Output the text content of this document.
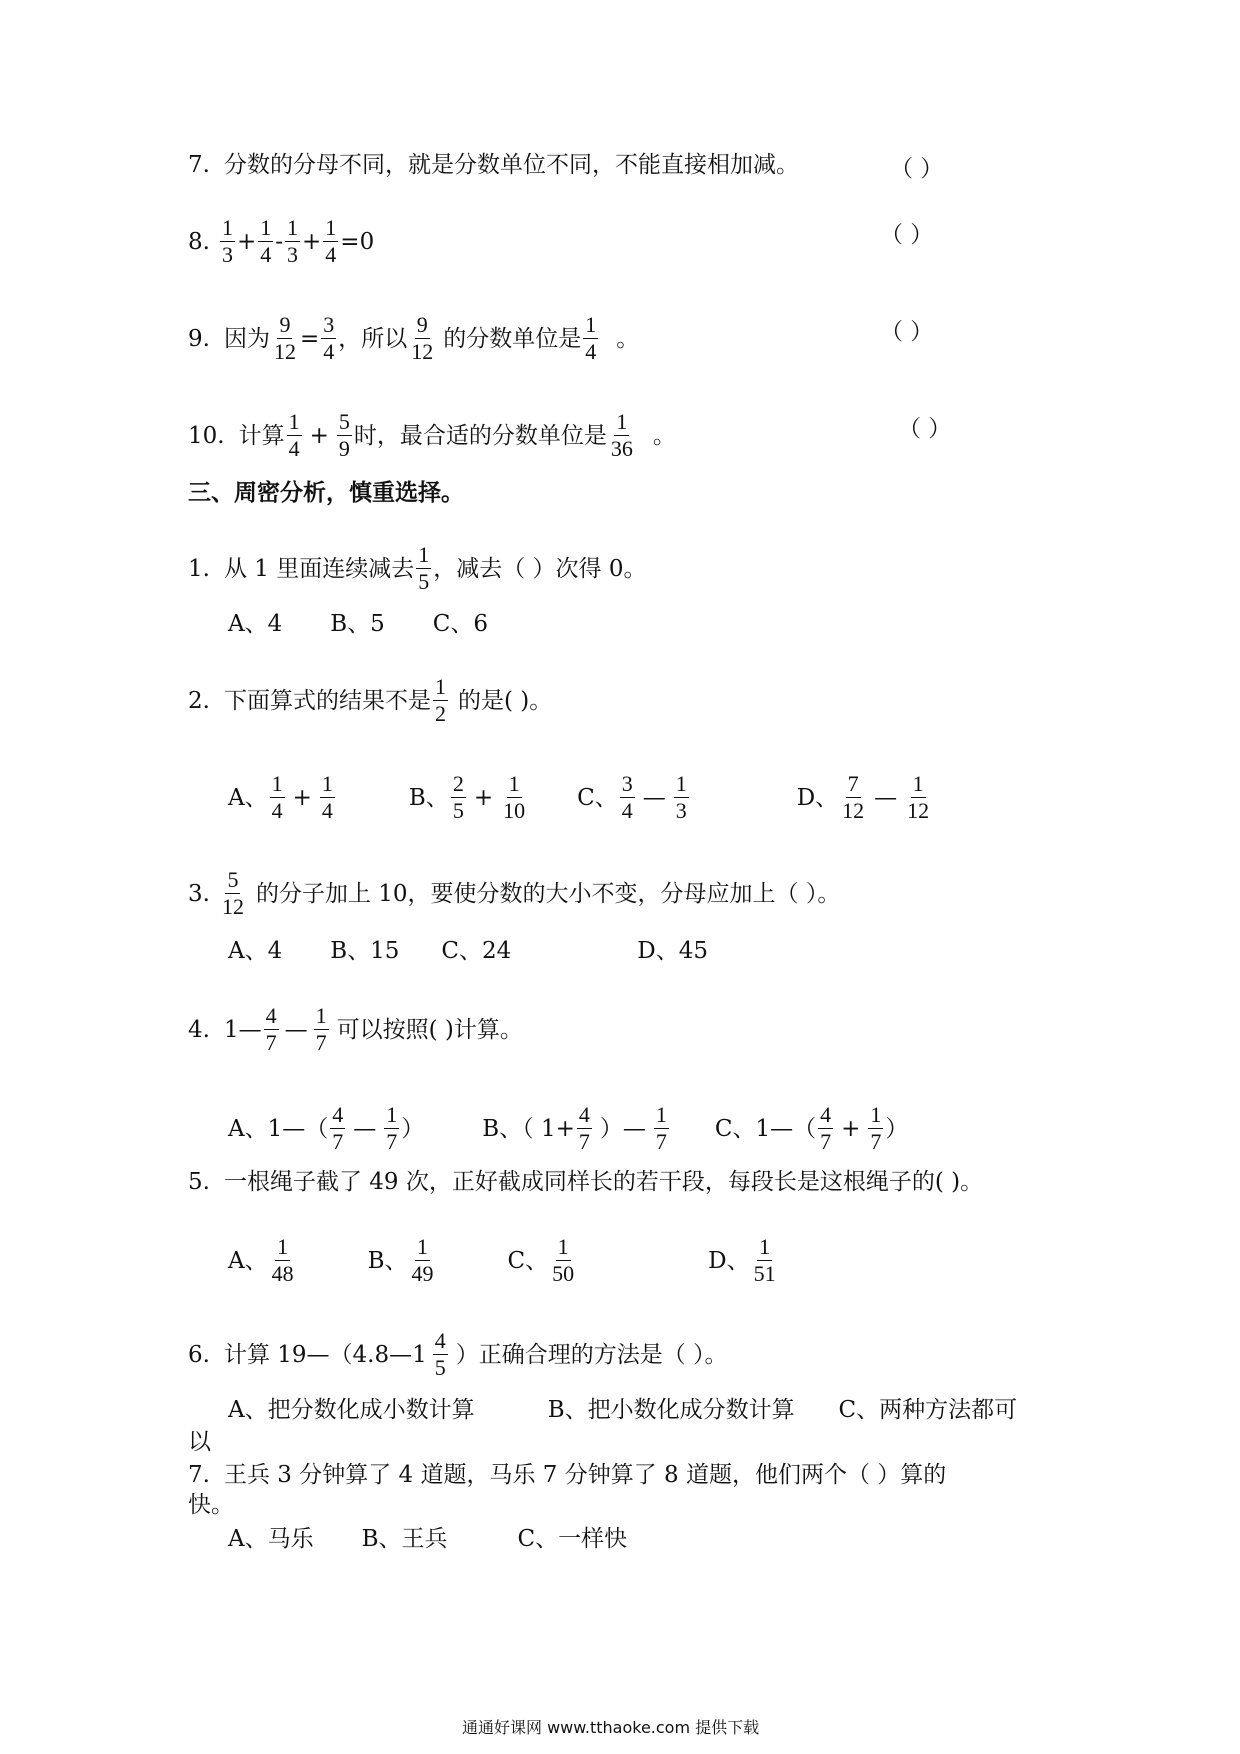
7. 分数的分母不同，就是分数单位不同，不能直接相加减。	（ ）
8. $\frac{1}{3} + \frac{1}{4} - \frac{1}{3} + \frac{1}{4} =0$	（ ）
9. 因为 $\frac{9}{12} = \frac{3}{4}$ ，所以 $\frac{9}{12}$ 的分数单位是 $\frac{1}{4}$ 。	（ ）
10. 计算 $\frac{1}{4} + \frac{5}{9}$ 时，最合适的分数单位是 $\frac{1}{36}$ 。	（ ）
三、周密分析，慎重选择。
1. 从 1 里面连续减去 $\frac{1}{5}$ ，减去（ ）次得 0。
A、4 B、5 C、6
2. 下面算式的结果不是 $\frac{1}{2}$ 的是( )。
A、 $\frac{1}{4} + \frac{1}{4}$	B、 $\frac{2}{5} + \frac{1}{10}$ C、 $\frac{3}{4}$ — $\frac{1}{3}$	D、 $\frac{7}{12}$ — $\frac{1}{12}$
3. $\frac{5}{12}$ 的分子加上 10，要使分数的大小不变，分母应加上（ ）。
A、4 B、15 C、24	D、45
4. 1— $\frac{4}{7}$ — $\frac{1}{7}$ 可以按照( )计算。
A、1—（ $\frac{4}{7}$ — $\frac{1}{7}$ ）	B、（ $1+ \frac{4}{7}$ ）— $\frac{1}{7}$ C、1—（ $\frac{4}{7} + \frac{1}{7}$ ）
5. 一根绳子截了 49 次，正好截成同样长的若干段，每段长是这根绳子的( )。
A、 $\frac{1}{48}$	B、 $\frac{1}{49}$	C、 $\frac{1}{50}$	D、 $\frac{1}{51}$
6. 计算 19—（4.8—1 $\frac{4}{5}$ ）正确合理的方法是（ ）。
A、把分数化成小数计算          B、把小数化成分数计算      C、两种方法都可
以
7. 王兵 3 分钟算了 4 道题，马乐 7 分钟算了 8 道题，他们两个（ ）算的
快。
A、马乐 B、王兵	C、一样快
通通好课网 www.tthaoke.com 提供下载
